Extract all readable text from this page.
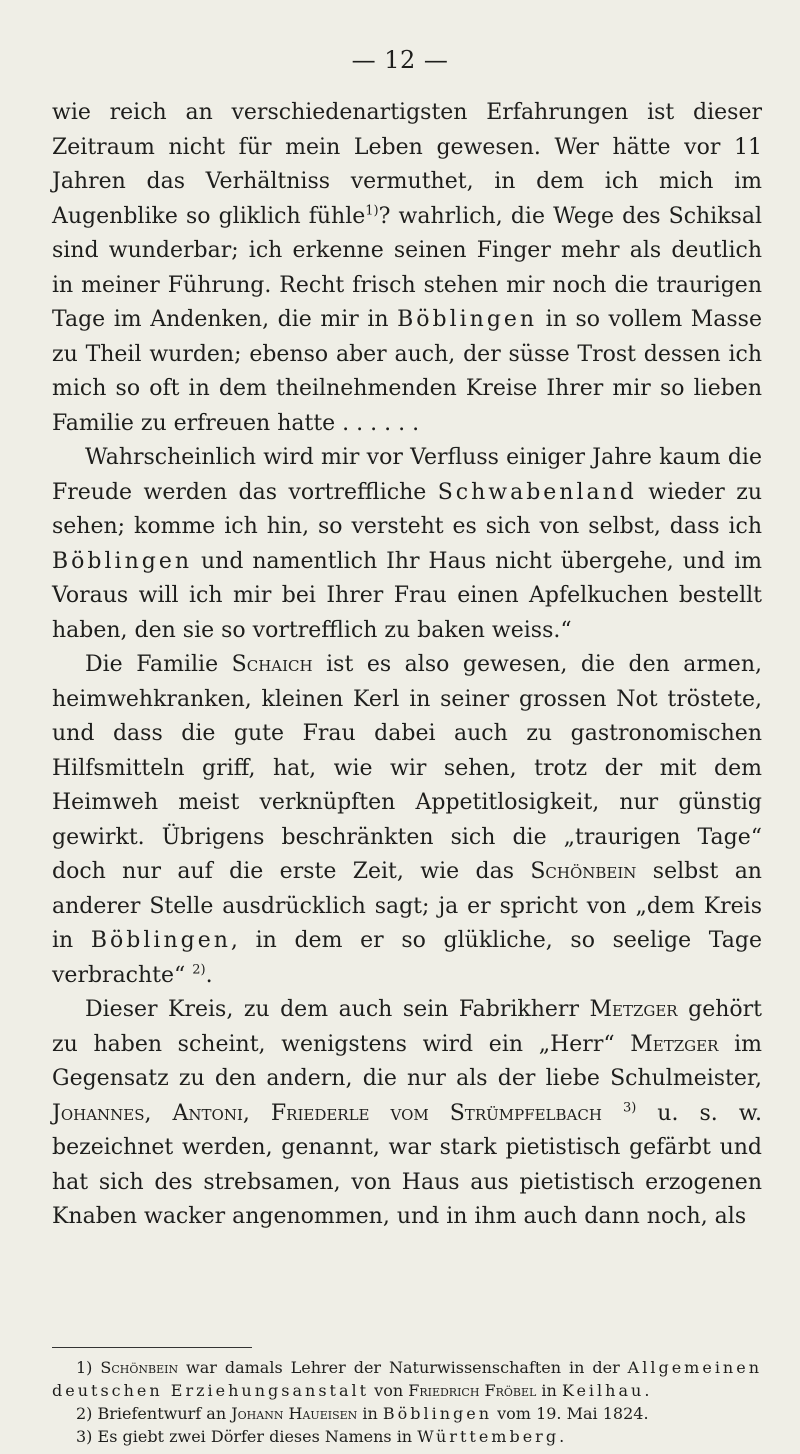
— 12 —

wie reich an verschiedenartigsten Erfahrungen ist dieser Zeitraum nicht für mein Leben gewesen. Wer hätte vor 11 Jahren das Verhältniss vermuthet, in dem ich mich im Augenblike so gliklich fühle$^{1)}$? wahrlich, die Wege des Schiksal sind wunderbar; ich erkenne seinen Finger mehr als deutlich in meiner Führung. Recht frisch stehen mir noch die traurigen Tage im Andenken, die mir in Böblingen in so vollem Masse zu Theil wurden; ebenso aber auch, der süsse Trost dessen ich mich so oft in dem theilnehmenden Kreise Ihrer mir so lieben Familie zu erfreuen hatte . . . . . .

Wahrscheinlich wird mir vor Verfluss einiger Jahre kaum die Freude werden das vortreffliche Schwabenland wieder zu sehen; komme ich hin, so versteht es sich von selbst, dass ich Böblingen und namentlich Ihr Haus nicht übergehe, und im Voraus will ich mir bei Ihrer Frau einen Apfelkuchen bestellt haben, den sie so vortrefflich zu baken weiss.“

Die Familie Schaich ist es also gewesen, die den armen, heimwehkranken, kleinen Kerl in seiner grossen Not tröstete, und dass die gute Frau dabei auch zu gastronomischen Hilfsmitteln griff, hat, wie wir sehen, trotz der mit dem Heimweh meist verknüpften Appetitlosigkeit, nur günstig gewirkt. Übrigens beschränkten sich die „traurigen Tage“ doch nur auf die erste Zeit, wie das Schönbein selbst an anderer Stelle ausdrücklich sagt; ja er spricht von „dem Kreis in Böblingen, in dem er so glükliche, so seelige Tage verbrachte“ $^{2)}$.

Dieser Kreis, zu dem auch sein Fabrikherr Metzger gehört zu haben scheint, wenigstens wird ein „Herr“ Metzger im Gegensatz zu den andern, die nur als der liebe Schulmeister, Johannes, Antoni, Friederle vom Strümpfelbach $^{3)}$ u. s. w. bezeichnet werden, genannt, war stark pietistisch gefärbt und hat sich des strebsamen, von Haus aus pietistisch erzogenen Knaben wacker angenommen, und in ihm auch dann noch, als

1) Schönbein war damals Lehrer der Naturwissenschaften in der Allgemeinen deutschen Erziehungsanstalt von Friedrich Fröbel in Keilhau.

2) Briefentwurf an Johann Haueisen in Böblingen vom 19. Mai 1824.

3) Es giebt zwei Dörfer dieses Namens in Württemberg.
